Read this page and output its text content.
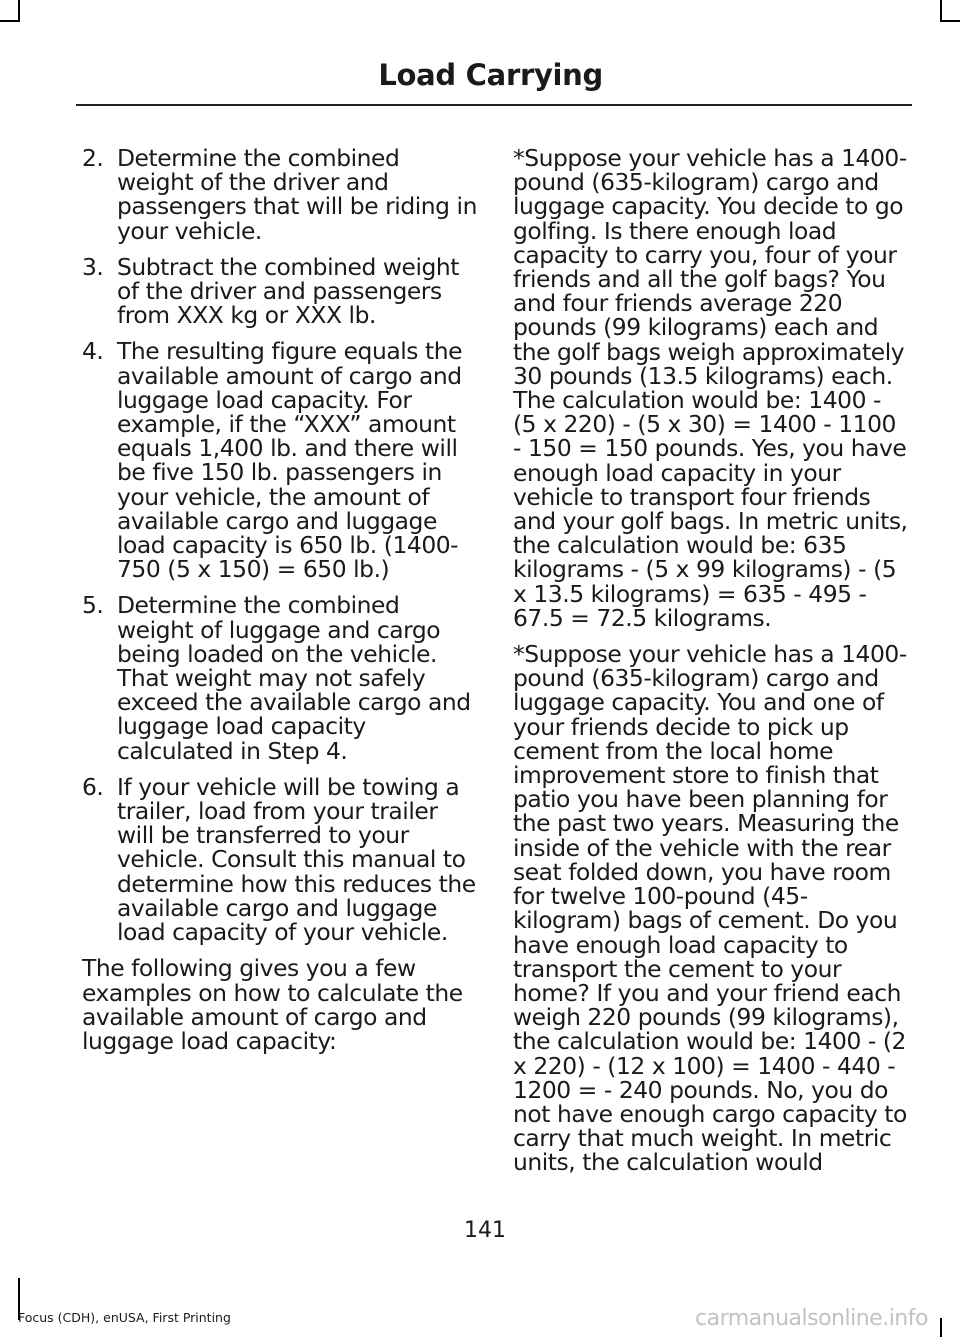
Load Carrying
2. Determine the combined weight of the driver and passengers that will be riding in your vehicle.
3. Subtract the combined weight of the driver and passengers from XXX kg or XXX lb.
4. The resulting figure equals the available amount of cargo and luggage load capacity. For example, if the “XXX” amount equals 1,400 lb. and there will be five 150 lb. passengers in your vehicle, the amount of available cargo and luggage load capacity is 650 lb. (1400-750 (5 x 150) = 650 lb.)
5. Determine the combined weight of luggage and cargo being loaded on the vehicle. That weight may not safely exceed the available cargo and luggage load capacity calculated in Step 4.
6. If your vehicle will be towing a trailer, load from your trailer will be transferred to your vehicle. Consult this manual to determine how this reduces the available cargo and luggage load capacity of your vehicle.

The following gives you a few examples on how to calculate the available amount of cargo and luggage load capacity:

*Suppose your vehicle has a 1400-pound (635-kilogram) cargo and luggage capacity. You decide to go golfing. Is there enough load capacity to carry you, four of your friends and all the golf bags? You and four friends average 220 pounds (99 kilograms) each and the golf bags weigh approximately 30 pounds (13.5 kilograms) each. The calculation would be: 1400 - (5 x 220) - (5 x 30) = 1400 - 1100 - 150 = 150 pounds. Yes, you have enough load capacity in your vehicle to transport four friends and your golf bags. In metric units, the calculation would be: 635 kilograms - (5 x 99 kilograms) - (5 x 13.5 kilograms) = 635 - 495 - 67.5 = 72.5 kilograms.

*Suppose your vehicle has a 1400-pound (635-kilogram) cargo and luggage capacity. You and one of your friends decide to pick up cement from the local home improvement store to finish that patio you have been planning for the past two years. Measuring the inside of the vehicle with the rear seat folded down, you have room for twelve 100-pound (45-kilogram) bags of cement. Do you have enough load capacity to transport the cement to your home? If you and your friend each weigh 220 pounds (99 kilograms), the calculation would be: 1400 - (2 x 220) - (12 x 100) = 1400 - 440 - 1200 = - 240 pounds. No, you do not have enough cargo capacity to carry that much weight. In metric units, the calculation would

141
Focus (CDH), enUSA, First Printing	carmanualsonline.info
